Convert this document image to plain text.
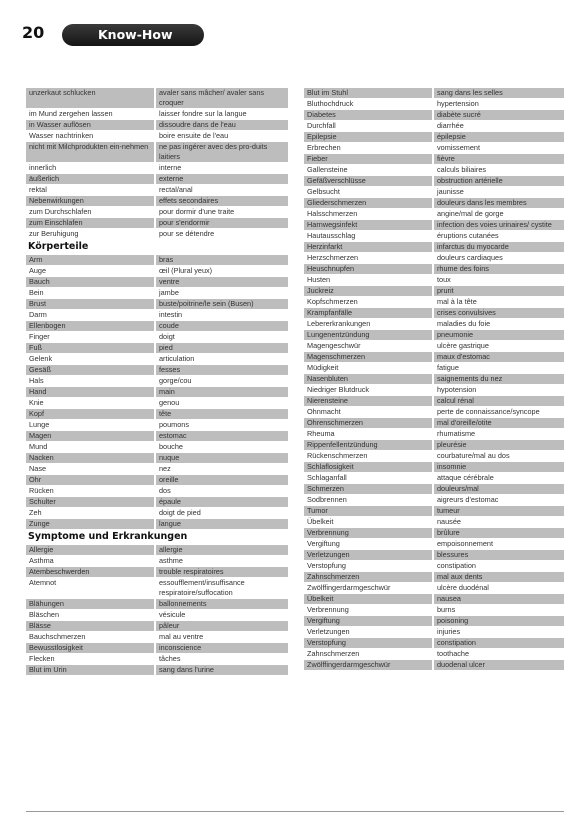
20	Know-How
unzerkaut schlucken	avaler sans mâcher/ avaler sans croquer
im Mund zergehen lassen	laisser fondre sur la langue
in Wasser auflösen	dissoudre dans de l'eau
Wasser nachtrinken	boire ensuite de l'eau
nicht mit Milchprodukten ein-nehmen	ne pas ingérer avec des pro-duits laitiers
innerlich	interne
äußerlich	externe
rektal	rectal/anal
Nebenwirkungen	effets secondaires
zum Durchschlafen	pour dormir d'une traite
zum Einschlafen	pour s'endormir
zur Beruhigung	pour se détendre
Körperteile
Arm	bras
Auge	œil (Plural yeux)
Bauch	ventre
Bein	jambe
Brust	buste/poitrine/le sein (Busen)
Darm	intestin
Ellenbogen	coude
Finger	doigt
Fuß	pied
Gelenk	articulation
Gesäß	fesses
Hals	gorge/cou
Hand	main
Knie	genou
Kopf	tête
Lunge	poumons
Magen	estomac
Mund	bouche
Nacken	nuque
Nase	nez
Ohr	oreille
Rücken	dos
Schulter	épaule
Zeh	doigt de pied
Zunge	langue
Symptome und Erkrankungen
Allergie	allergie
Asthma	asthme
Atembeschwerden	trouble respiratoires
Atemnot	essoufflement/insuffisance respiratoire/suffocation
Blähungen	ballonnements
Bläschen	vésicule
Blässe	pâleur
Bauchschmerzen	mal au ventre
Bewusstlosigkeit	inconscience
Flecken	tâches
Blut im Urin	sang dans l'urine
Blut im Stuhl	sang dans les selles
Bluthochdruck	hypertension
Diabetes	diabète sucré
Durchfall	diarrhée
Epilepsie	épilepsie
Erbrechen	vomissement
Fieber	fièvre
Gallensteine	calculs biliaires
Gefäßverschlüsse	obstruction artérielle
Gelbsucht	jaunisse
Gliederschmerzen	douleurs dans les membres
Halsschmerzen	angine/mal de gorge
Harnwegsinfekt	infection des voies urinaires/ cystite
Hautausschlag	éruptions cutanées
Herzinfarkt	infarctus du myocarde
Herzschmerzen	douleurs cardiaques
Heuschnupfen	rhume des foins
Husten	toux
Juckreiz	prurit
Kopfschmerzen	mal à la tête
Krampfanfälle	crises convulsives
Lebererkrankungen	maladies du foie
Lungenentzündung	pneumonie
Magengeschwür	ulcère gastrique
Magenschmerzen	maux d'estomac
Müdigkeit	fatigue
Nasenbluten	saignements du nez
Niedriger Blutdruck	hypotension
Nierensteine	calcul rénal
Ohnmacht	perte de connaissance/syncope
Ohrenschmerzen	mal d'oreille/otite
Rheuma	rhumatisme
Rippenfellentzündung	pleurésie
Rückenschmerzen	courbature/mal au dos
Schlaflosigkeit	insomnie
Schlaganfall	attaque cérébrale
Schmerzen	douleurs/mal
Sodbrennen	aigreurs d'estomac
Tumor	tumeur
Übelkeit	nausée
Verbrennung	brûlure
Vergiftung	empoisonnement
Verletzungen	blessures
Verstopfung	constipation
Zahnschmerzen	mal aux dents
Zwölffingerdarmgeschwür	ulcère duodénal
Übelkeit	nausea
Verbrennung	burns
Vergiftung	poisoning
Verletzungen	injuries
Verstopfung	constipation
Zahnschmerzen	toothache
Zwölffingerdarmgeschwür	duodenal ulcer
